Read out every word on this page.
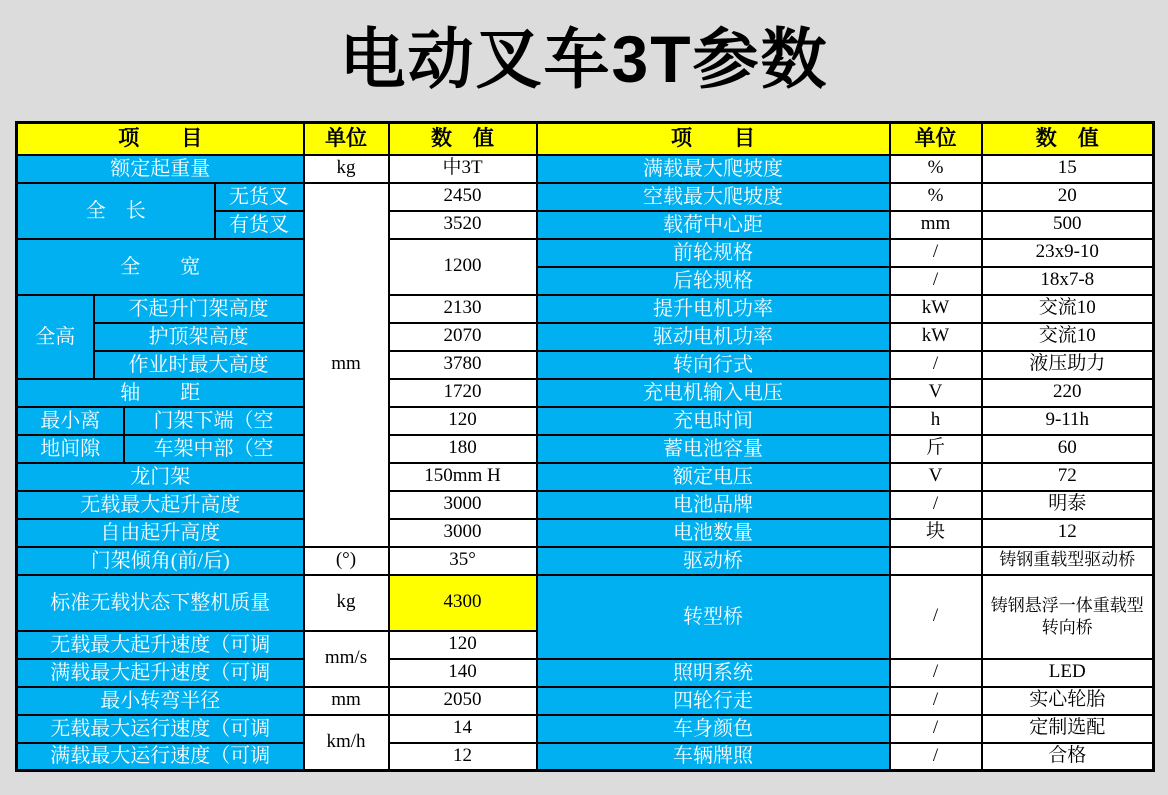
电动叉车3T参数
项　　目				单位	数　值	项　　目	单位	数　值
额定起重量				kg	中3T	满载最大爬坡度	%	15
全　长			无货叉	mm	2450	空载最大爬坡度	%	20
			有货叉		3520	载荷中心距	mm	500
全　　宽					1200	前轮规格	/	23x9-10
						后轮规格	/	18x7-8
全高	不起升门架高度				2130	提升电机功率	kW	交流10
	护顶架高度				2070	驱动电机功率	kW	交流10
	作业时最大高度				3780	转向行式	/	液压助力
轴　　距					1720	充电机输入电压	V	220
最小离		门架下端（空			120	充电时间	h	9-11h
地间隙		车架中部（空			180	蓄电池容量	斤	60
龙门架					150mm H	额定电压	V	72
无载最大起升高度					3000	电池品牌	/	明泰
自由起升高度					3000	电池数量	块	12
门架倾角(前/后)				(°)	35°	驱动桥		铸钢重载型驱动桥
标准无载状态下整机质量				kg	4300	转型桥	/	铸钢悬浮一体重载型转向桥

无载最大起升速度（可调				mm/s	120			
满载最大起升速度（可调					140	照明系统	/	LED
最小转弯半径				mm	2050	四轮行走	/	实心轮胎
无载最大运行速度（可调				km/h	14	车身颜色	/	定制选配
满载最大运行速度（可调					12	车辆牌照	/	合格
